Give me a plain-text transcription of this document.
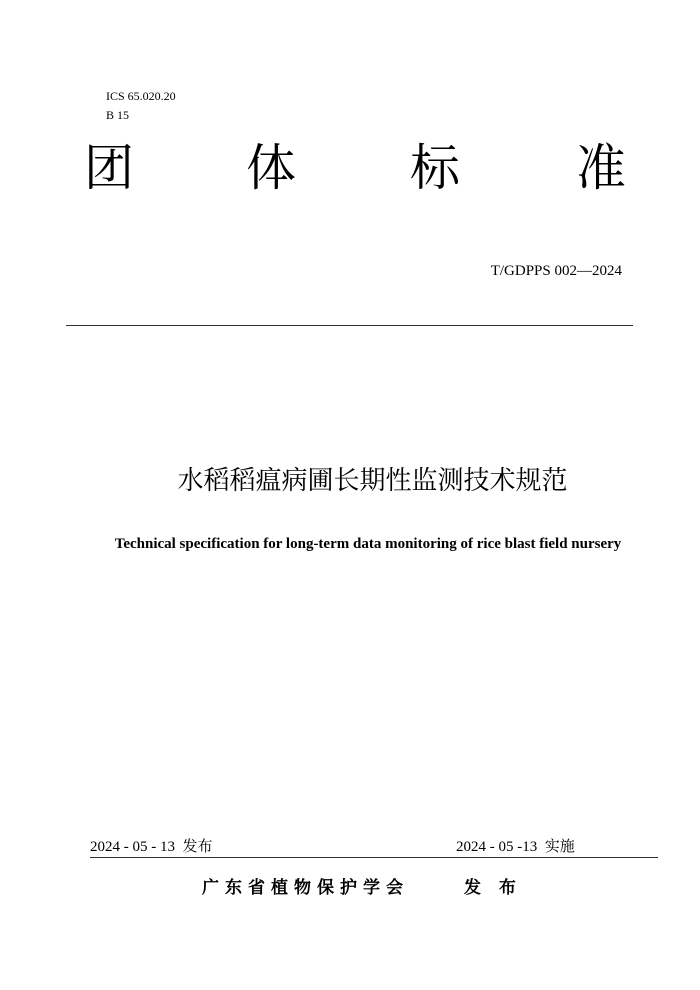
ICS 65.020.20
B 15
团 体 标 准
T/GDPPS 002—2024
水稻稻瘟病圃长期性监测技术规范
Technical specification for long-term data monitoring of rice blast field nursery
2024 - 05 - 13  发布	2024 - 05 -13  实施
广东省植物保护学会	发 布
